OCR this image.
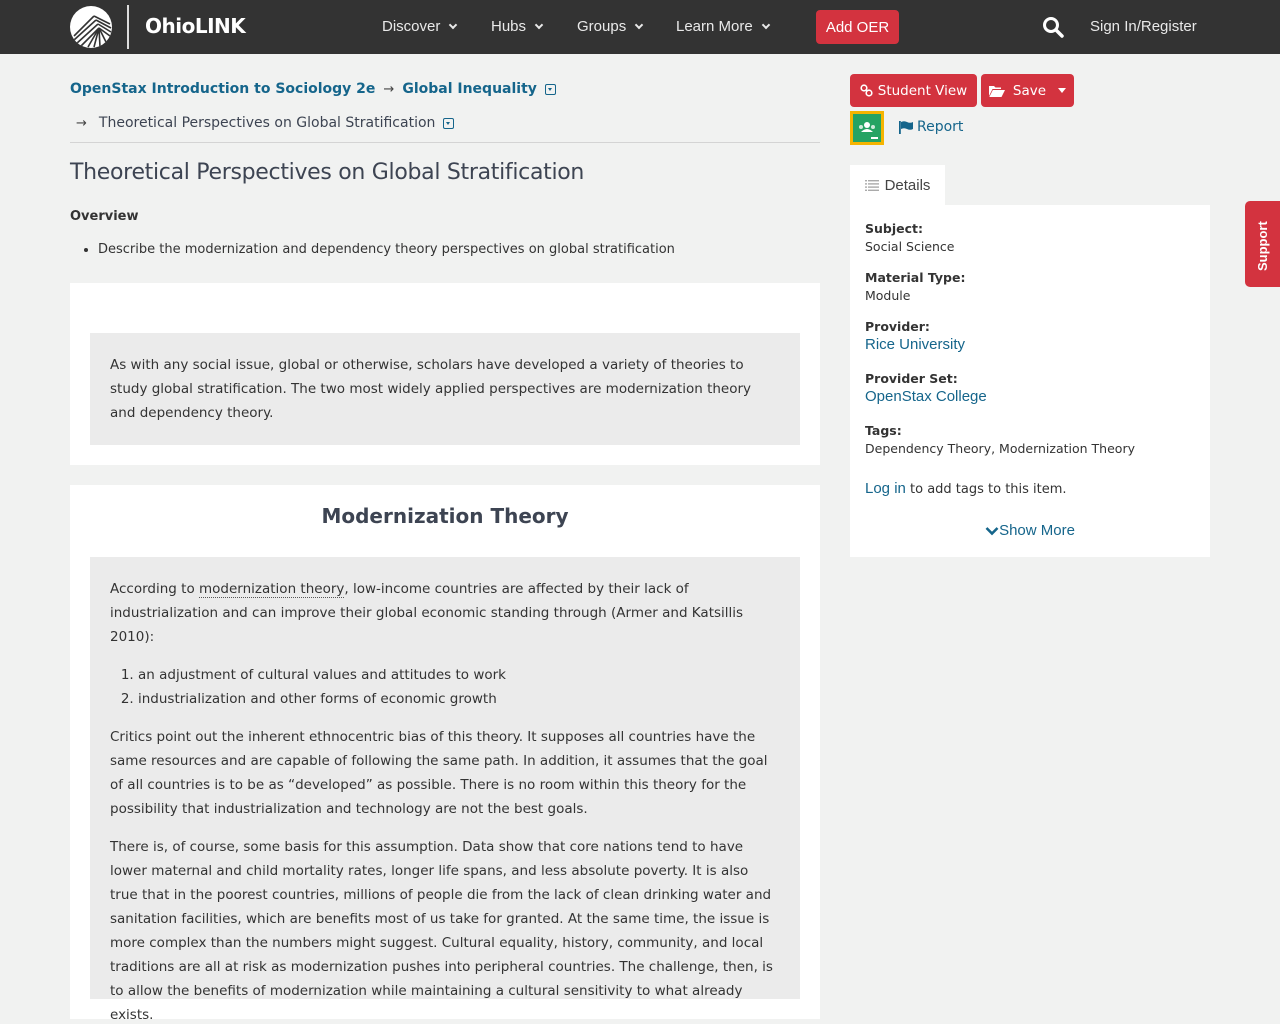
OhioLINK	Discover	Hubs	Groups	Learn More	Add OER	Sign In/Register
OpenStax Introduction to Sociology 2e → Global Inequality
→ Theoretical Perspectives on Global Stratification
Theoretical Perspectives on Global Stratification
Overview
• Describe the modernization and dependency theory perspectives on global stratification

As with any social issue, global or otherwise, scholars have developed a variety of theories to study global stratification. The two most widely applied perspectives are modernization theory and dependency theory.

Modernization Theory

According to modernization theory, low-income countries are affected by their lack of industrialization and can improve their global economic standing through (Armer and Katsillis 2010):

1. an adjustment of cultural values and attitudes to work
2. industrialization and other forms of economic growth

Critics point out the inherent ethnocentric bias of this theory. It supposes all countries have the same resources and are capable of following the same path. In addition, it assumes that the goal of all countries is to be as “developed” as possible. There is no room within this theory for the possibility that industrialization and technology are not the best goals.

There is, of course, some basis for this assumption. Data show that core nations tend to have lower maternal and child mortality rates, longer life spans, and less absolute poverty. It is also true that in the poorest countries, millions of people die from the lack of clean drinking water and sanitation facilities, which are benefits most of us take for granted. At the same time, the issue is more complex than the numbers might suggest. Cultural equality, history, community, and local traditions are all at risk as modernization pushes into peripheral countries. The challenge, then, is to allow the benefits of modernization while maintaining a cultural sensitivity to what already exists.

Student View	Save
Report
Details
Subject:
Social Science
Material Type:
Module
Provider:
Rice University
Provider Set:
OpenStax College
Tags:
Dependency Theory, Modernization Theory
Log in to add tags to this item.
Show More
Support
